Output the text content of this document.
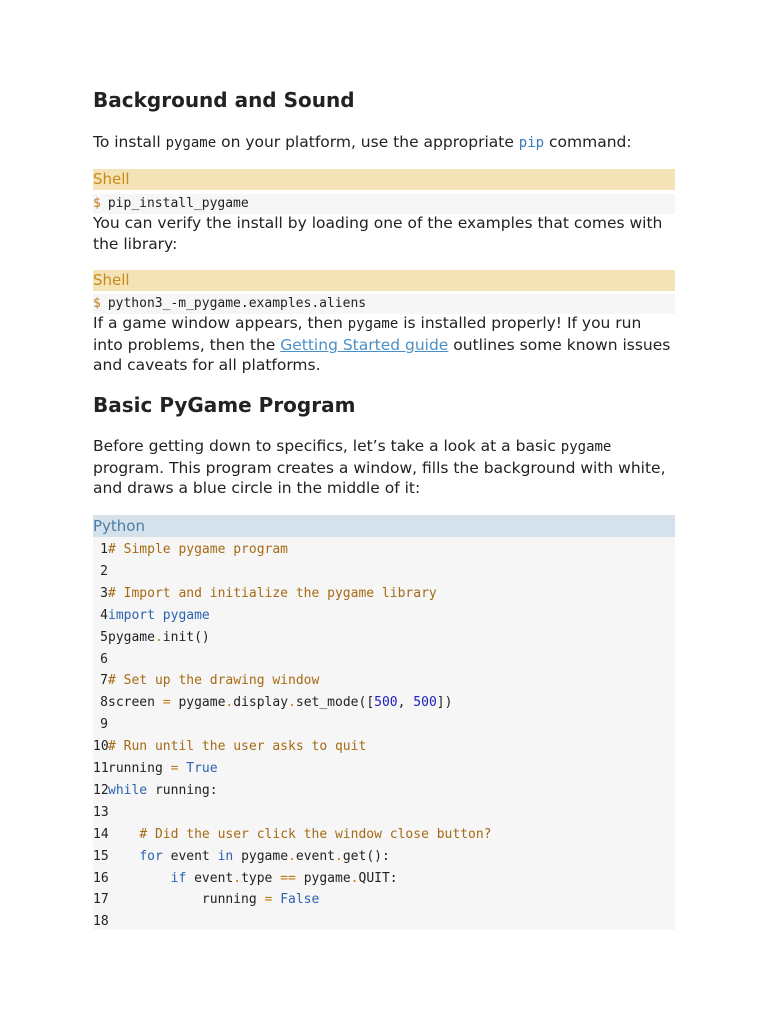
Background and Sound

To install pygame on your platform, use the appropriate pip command:

Shell
$ pip_install_pygame

You can verify the install by loading one of the examples that comes with the library:

Shell
$ python3_-m_pygame.examples.aliens

If a game window appears, then pygame is installed properly! If you run into problems, then the Getting Started guide outlines some known issues and caveats for all platforms.

Basic PyGame Program

Before getting down to specifics, let’s take a look at a basic pygame program. This program creates a window, fills the background with white, and draws a blue circle in the middle of it:

Python
1# Simple pygame program
2
3# Import and initialize the pygame library
4import pygame
5pygame.init()
6
7# Set up the drawing window
8screen = pygame.display.set_mode([500, 500])
9
10# Run until the user asks to quit
11running = True
12while running:
13
14 # Did the user click the window close button?
15 for event in pygame.event.get():
16	if event.type == pygame.QUIT:
17            running = False
18
